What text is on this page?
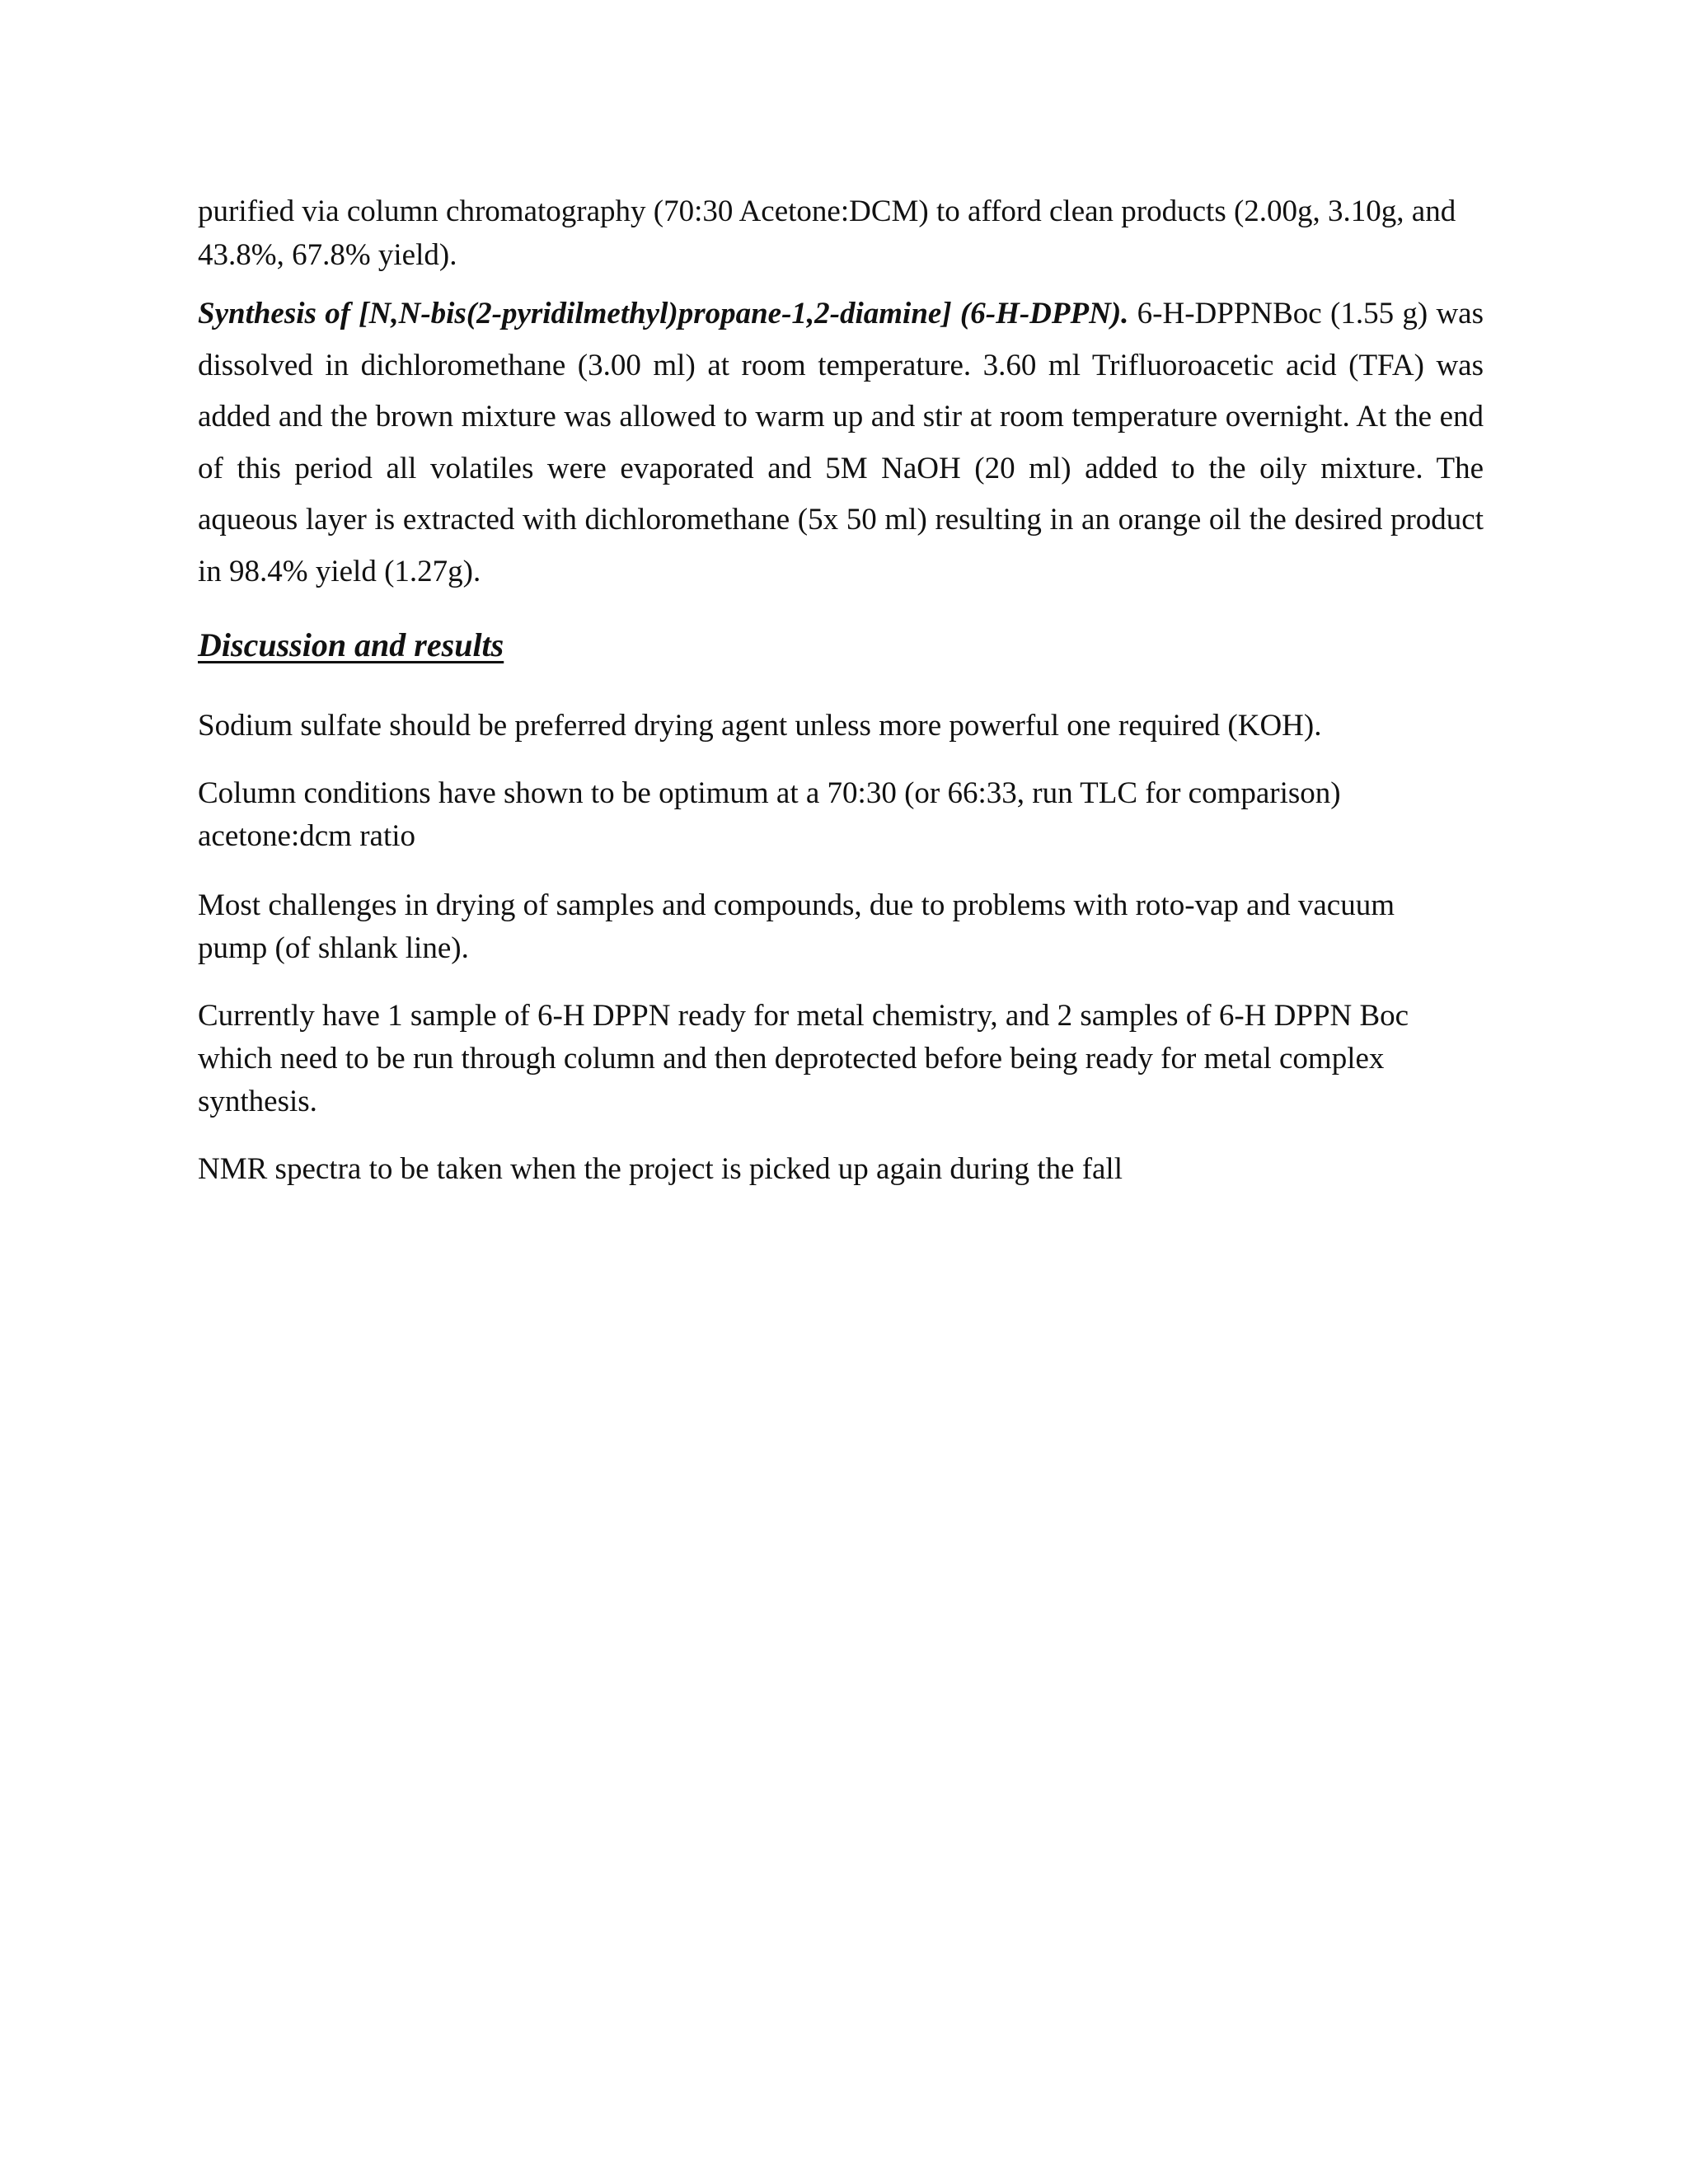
purified via column chromatography (70:30 Acetone:DCM) to afford clean products (2.00g, 3.10g, and 43.8%, 67.8% yield).

Synthesis of [N,N-bis(2-pyridilmethyl)propane-1,2-diamine] (6-H-DPPN). 6-H-DPPNBoc (1.55 g) was dissolved in dichloromethane (3.00 ml) at room temperature. 3.60 ml Trifluoroacetic acid (TFA) was added and the brown mixture was allowed to warm up and stir at room temperature overnight. At the end of this period all volatiles were evaporated and 5M NaOH (20 ml) added to the oily mixture. The aqueous layer is extracted with dichloromethane (5x 50 ml) resulting in an orange oil the desired product in 98.4% yield (1.27g).

Discussion and results

Sodium sulfate should be preferred drying agent unless more powerful one required (KOH).

Column conditions have shown to be optimum at a 70:30 (or 66:33, run TLC for comparison) acetone:dcm ratio

Most challenges in drying of samples and compounds, due to problems with roto-vap and vacuum pump (of shlank line).

Currently have 1 sample of 6-H DPPN ready for metal chemistry, and 2 samples of 6-H DPPN Boc which need to be run through column and then deprotected before being ready for metal complex synthesis.

NMR spectra to be taken when the project is picked up again during the fall
